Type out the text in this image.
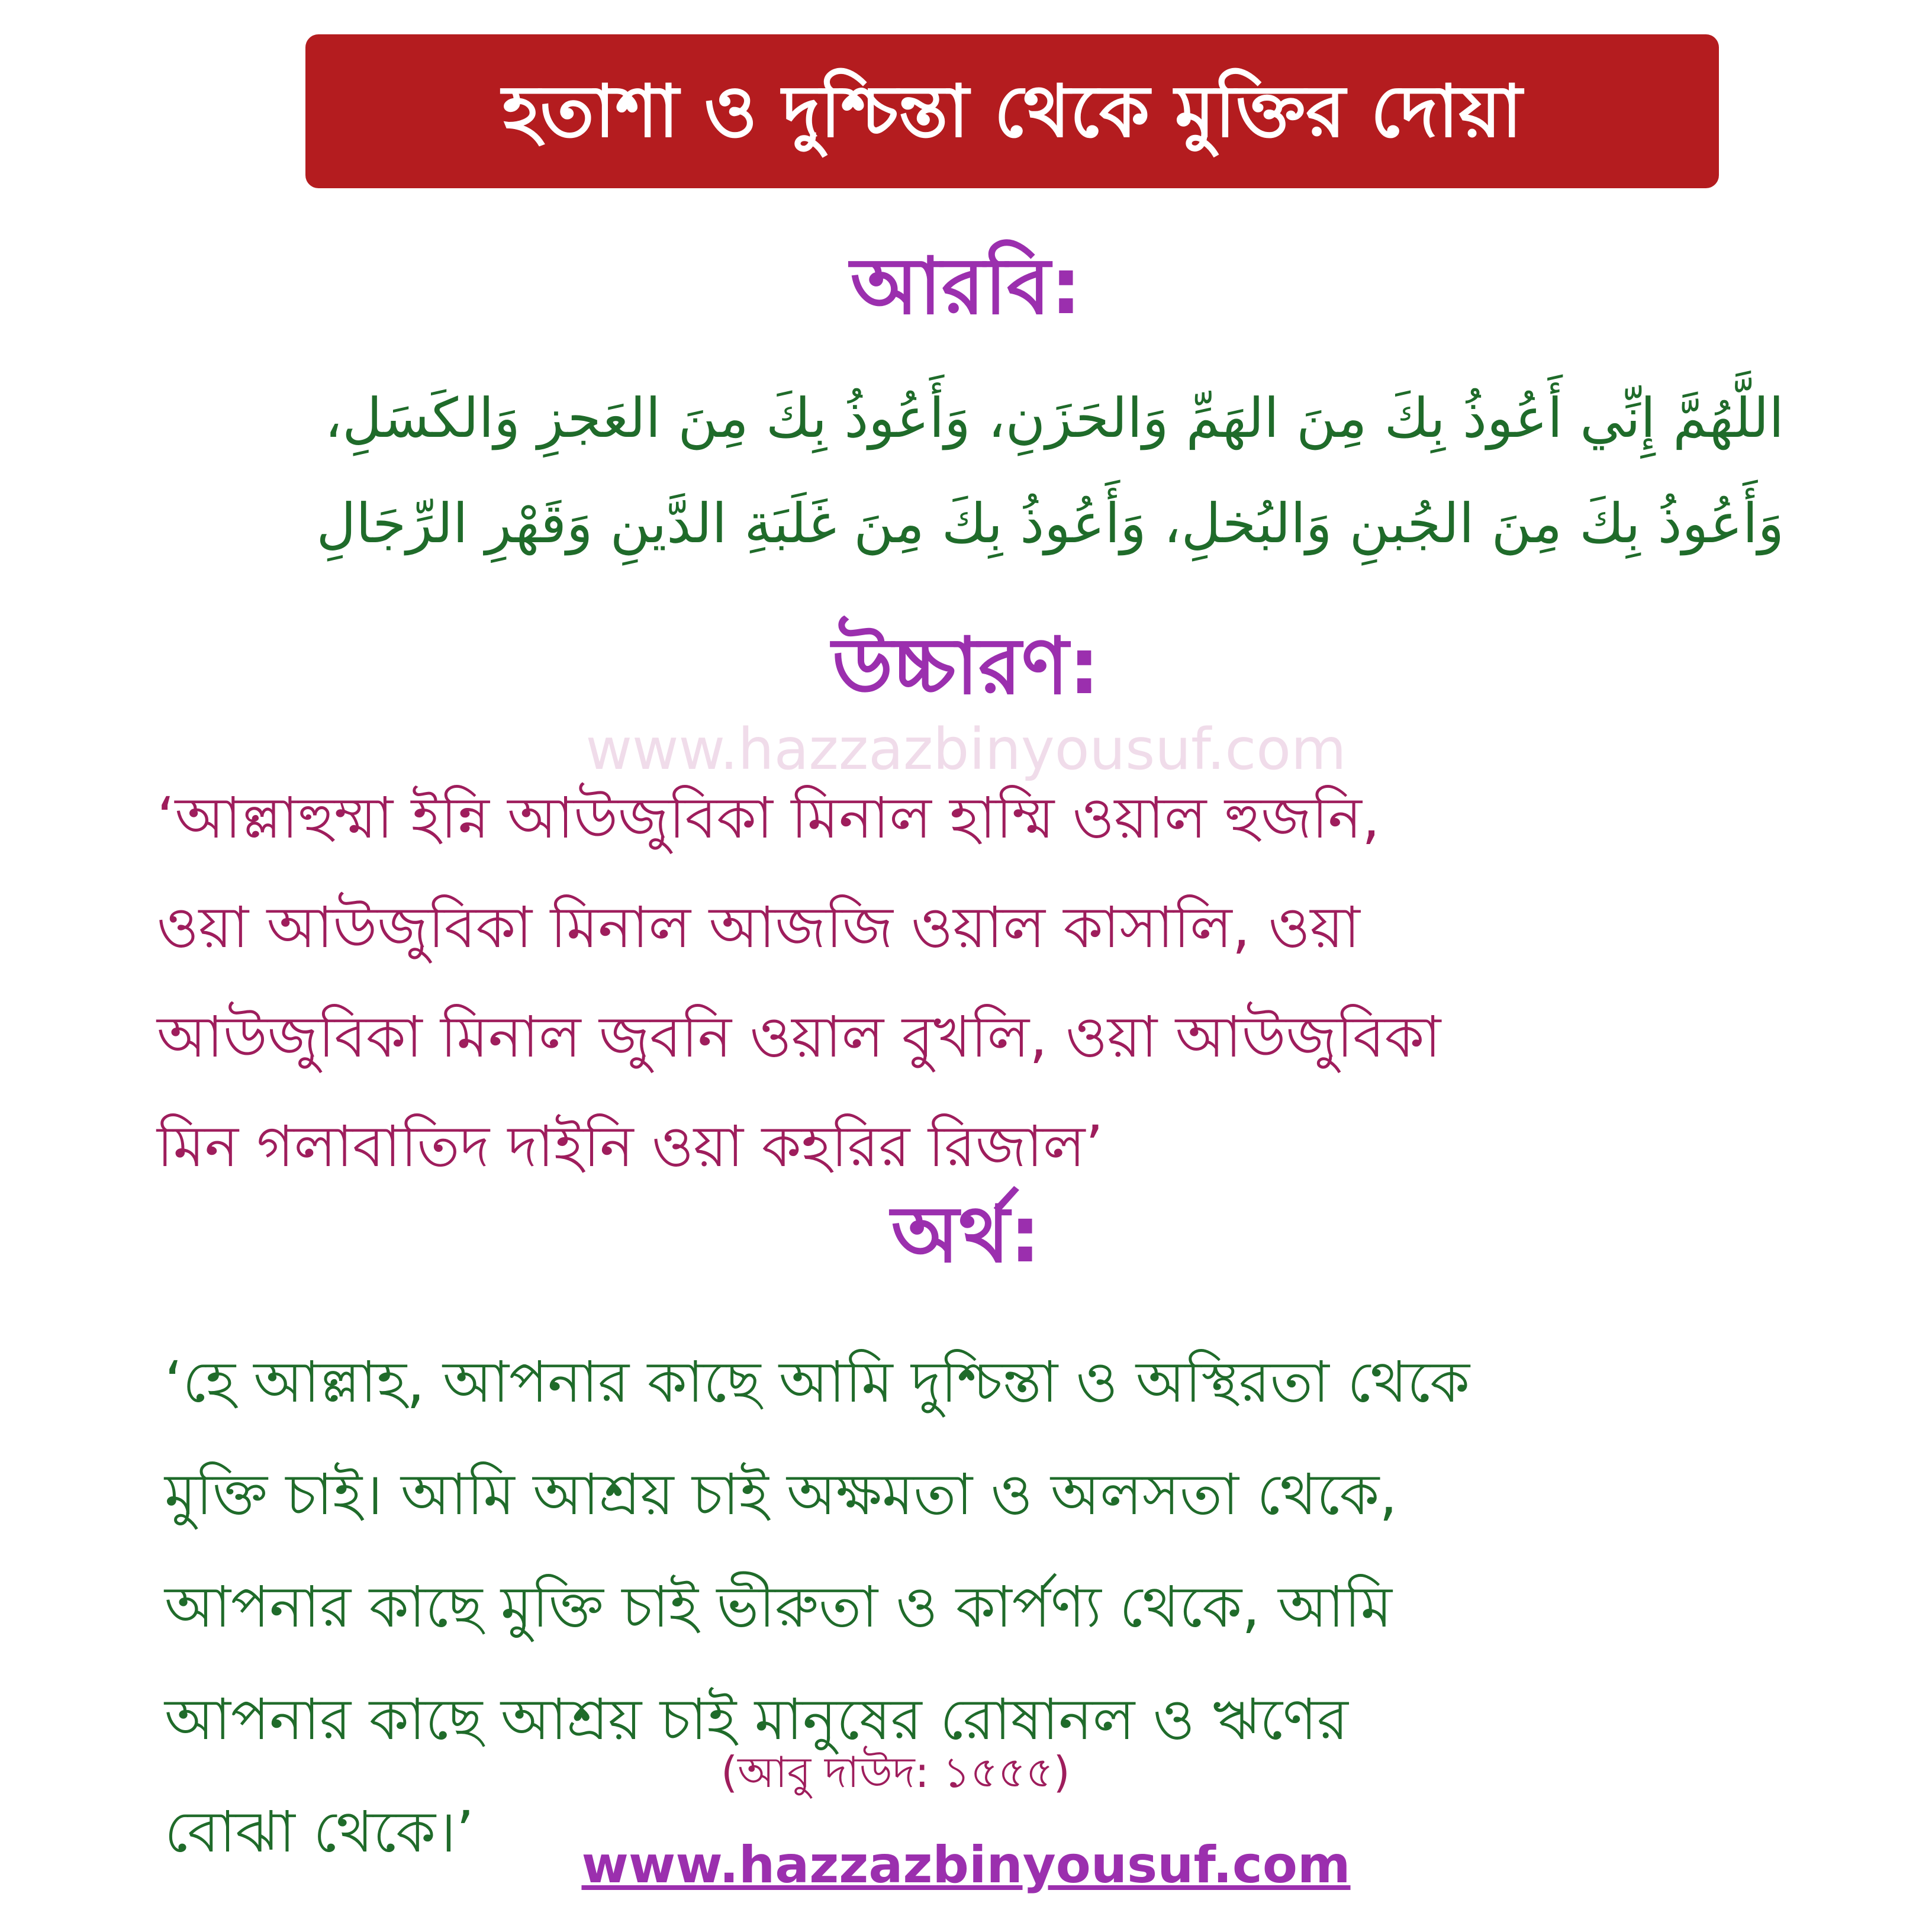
হতাশা ও দুশ্চিন্তা থেকে মুক্তির দোয়া
আরবি:
اللَّهُمَّ إِنِّي أَعُوذُ بِكَ مِنَ الهَمِّ وَالحَزَنِ، وَأَعُوذُ بِكَ مِنَ العَجزِ وَالكَسَلِ،
وَأَعُوذُ بِكَ مِنَ الجُبنِ وَالبُخلِ، وَأَعُوذُ بِكَ مِنَ غَلَبَةِ الدَّينِ وَقَهْرِ الرِّجَالِ
www.hazzazbinyousuf.com
উচ্চারণ:
‘আল্লাহুম্মা ইন্নি আউজুবিকা মিনাল হাম্মি ওয়াল হুজনি,
ওয়া আউজুবিকা মিনাল আজজি ওয়াল কাসালি, ওয়া
আউজুবিকা মিনাল জুবনি ওয়াল বুখলি, ওয়া আউজুবিকা
মিন গলাবাতিদ দাইনি ওয়া কহরির রিজাল’
অর্থ:
‘হে আল্লাহ, আপনার কাছে আমি দুশ্চিন্তা ও অস্থিরতা থেকে
মুক্তি চাই। আমি আশ্রয় চাই অক্ষমতা ও অলসতা থেকে,
আপনার কাছে মুক্তি চাই ভীরুতা ও কার্পণ্য থেকে, আমি
আপনার কাছে আশ্রয় চাই মানুষের রোষানল ও ঋণের
বোঝা থেকে।’
(আবু দাউদ: ১৫৫৫)
www.hazzazbinyousuf.com
